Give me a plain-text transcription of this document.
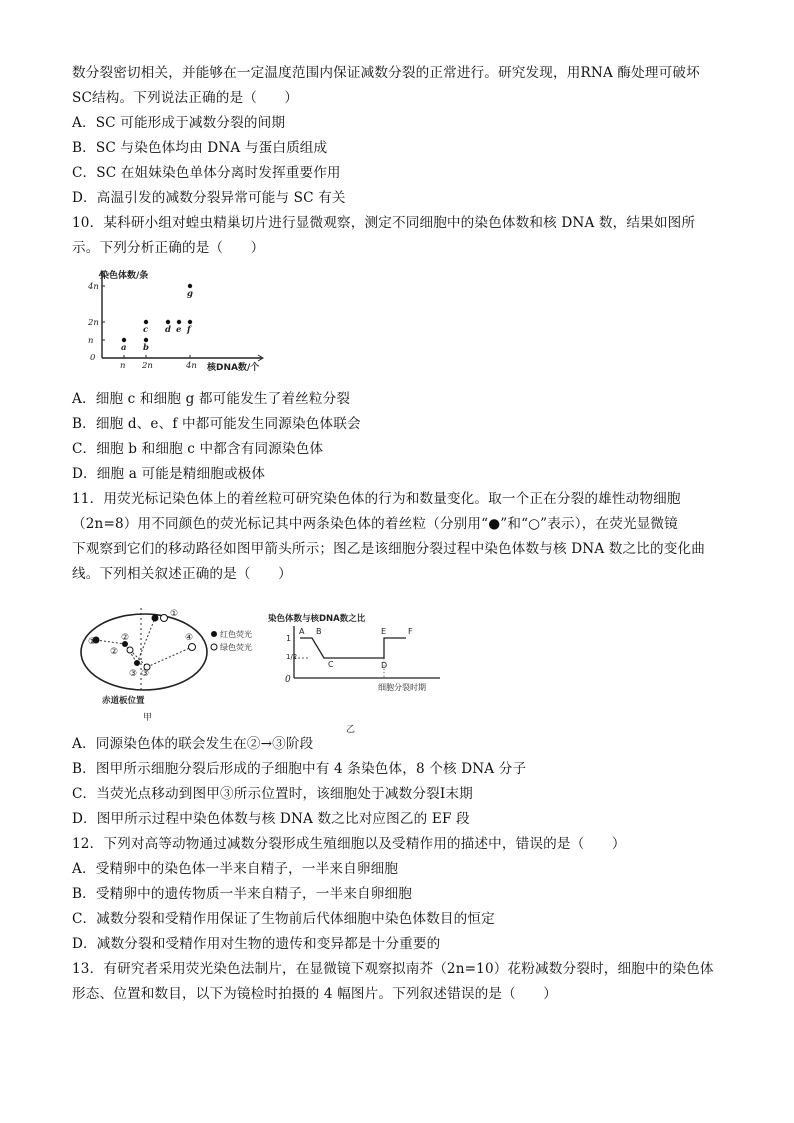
数分裂密切相关，并能够在一定温度范围内保证减数分裂的正常进行。研究发现，用RNA 酶处理可破坏
SC结构。下列说法正确的是（　　）
A．SC 可能形成于减数分裂的间期
B．SC 与染色体均由 DNA 与蛋白质组成
C．SC 在姐妹染色单体分离时发挥重要作用
D．高温引发的减数分裂异常可能与 SC 有关
10．某科研小组对蝗虫精巢切片进行显微观察，测定不同细胞中的染色体数和核 DNA 数，结果如图所
示。下列分析正确的是（　　）
染色体数/条
核DNA数/个
0
n 2n	4n
n
2n
4n
a b
c d e f
g
A．细胞 c 和细胞 g 都可能发生了着丝粒分裂
B．细胞 d、e、f 中都可能发生同源染色体联会
C．细胞 b 和细胞 c 中都含有同源染色体
D．细胞 a 可能是精细胞或极体
11．用荧光标记染色体上的着丝粒可研究染色体的行为和数量变化。取一个正在分裂的雄性动物细胞
（2n=8）用不同颜色的荧光标记其中两条染色体的着丝粒（分别用“●”和“○”表示），在荧光显微镜
下观察到它们的移动路径如图甲箭头所示；图乙是该细胞分裂过程中染色体数与核 DNA 数之比的变化曲
线。下列相关叙述正确的是（　　）
①	②
②
③
③
①
④	红色荧光
绿色荧光
赤道板位置
甲
染色体数与核DNA数之比
细胞分裂时期
乙
0
1
1/2
A B
C	D
E	F
A．同源染色体的联会发生在②→③阶段
B．图甲所示细胞分裂后形成的子细胞中有 4 条染色体，8 个核 DNA 分子
C．当荧光点移动到图甲③所示位置时，该细胞处于减数分裂Ⅰ末期
D．图甲所示过程中染色体数与核 DNA 数之比对应图乙的 EF 段
12．下列对高等动物通过减数分裂形成生殖细胞以及受精作用的描述中，错误的是（　　）
A．受精卵中的染色体一半来自精子，一半来自卵细胞
B．受精卵中的遗传物质一半来自精子，一半来自卵细胞
C．减数分裂和受精作用保证了生物前后代体细胞中染色体数目的恒定
D．减数分裂和受精作用对生物的遗传和变异都是十分重要的
13．有研究者采用荧光染色法制片，在显微镜下观察拟南芥（2n=10）花粉减数分裂时，细胞中的染色体
形态、位置和数目，以下为镜检时拍摄的 4 幅图片。下列叙述错误的是（　　）
